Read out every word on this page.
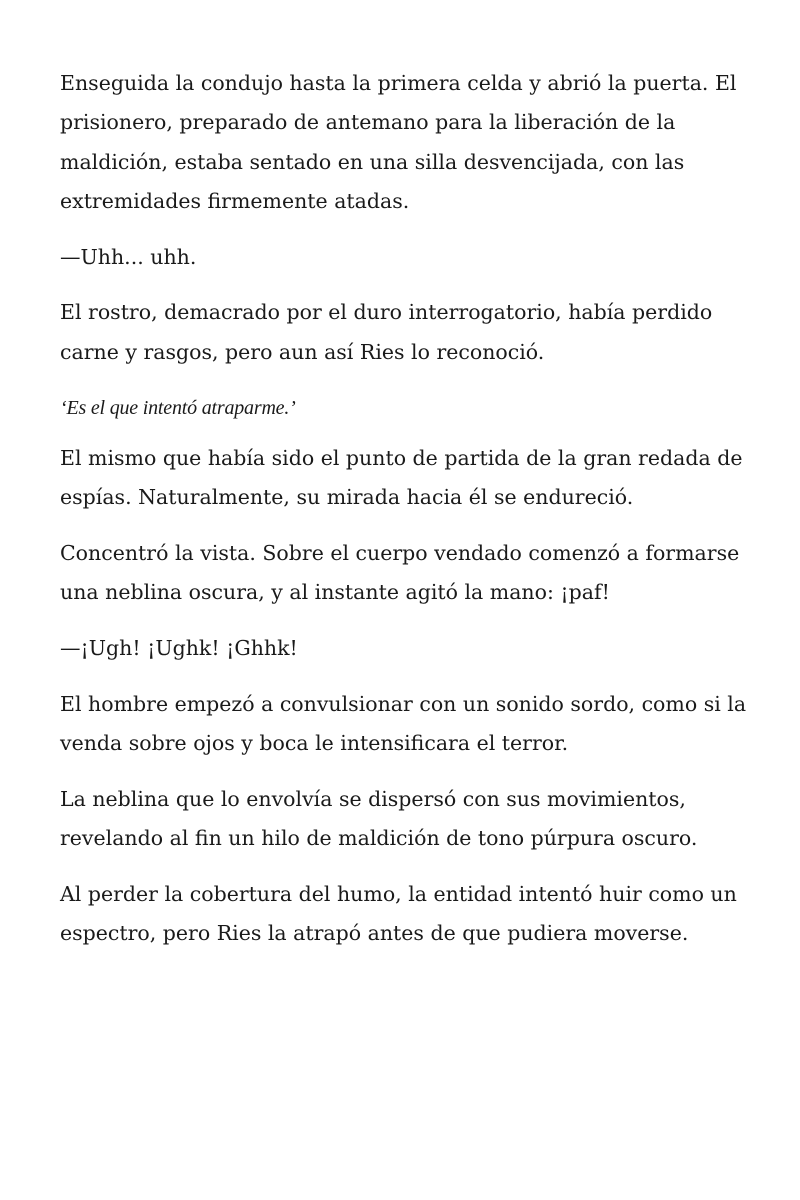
Enseguida la condujo hasta la primera celda y abrió la puerta. El prisionero, preparado de antemano para la liberación de la maldición, estaba sentado en una silla desvencijada, con las extremidades firmemente atadas.

—Uhh... uhh.

El rostro, demacrado por el duro interrogatorio, había perdido carne y rasgos, pero aun así Ries lo reconoció.

‘Es el que intentó atraparme.’

El mismo que había sido el punto de partida de la gran redada de espías. Naturalmente, su mirada hacia él se endureció.

Concentró la vista. Sobre el cuerpo vendado comenzó a formarse una neblina oscura, y al instante agitó la mano: ¡paf!

—¡Ugh! ¡Ughk! ¡Ghhk!

El hombre empezó a convulsionar con un sonido sordo, como si la venda sobre ojos y boca le intensificara el terror.

La neblina que lo envolvía se dispersó con sus movimientos, revelando al fin un hilo de maldición de tono púrpura oscuro.

Al perder la cobertura del humo, la entidad intentó huir como un espectro, pero Ries la atrapó antes de que pudiera moverse.
